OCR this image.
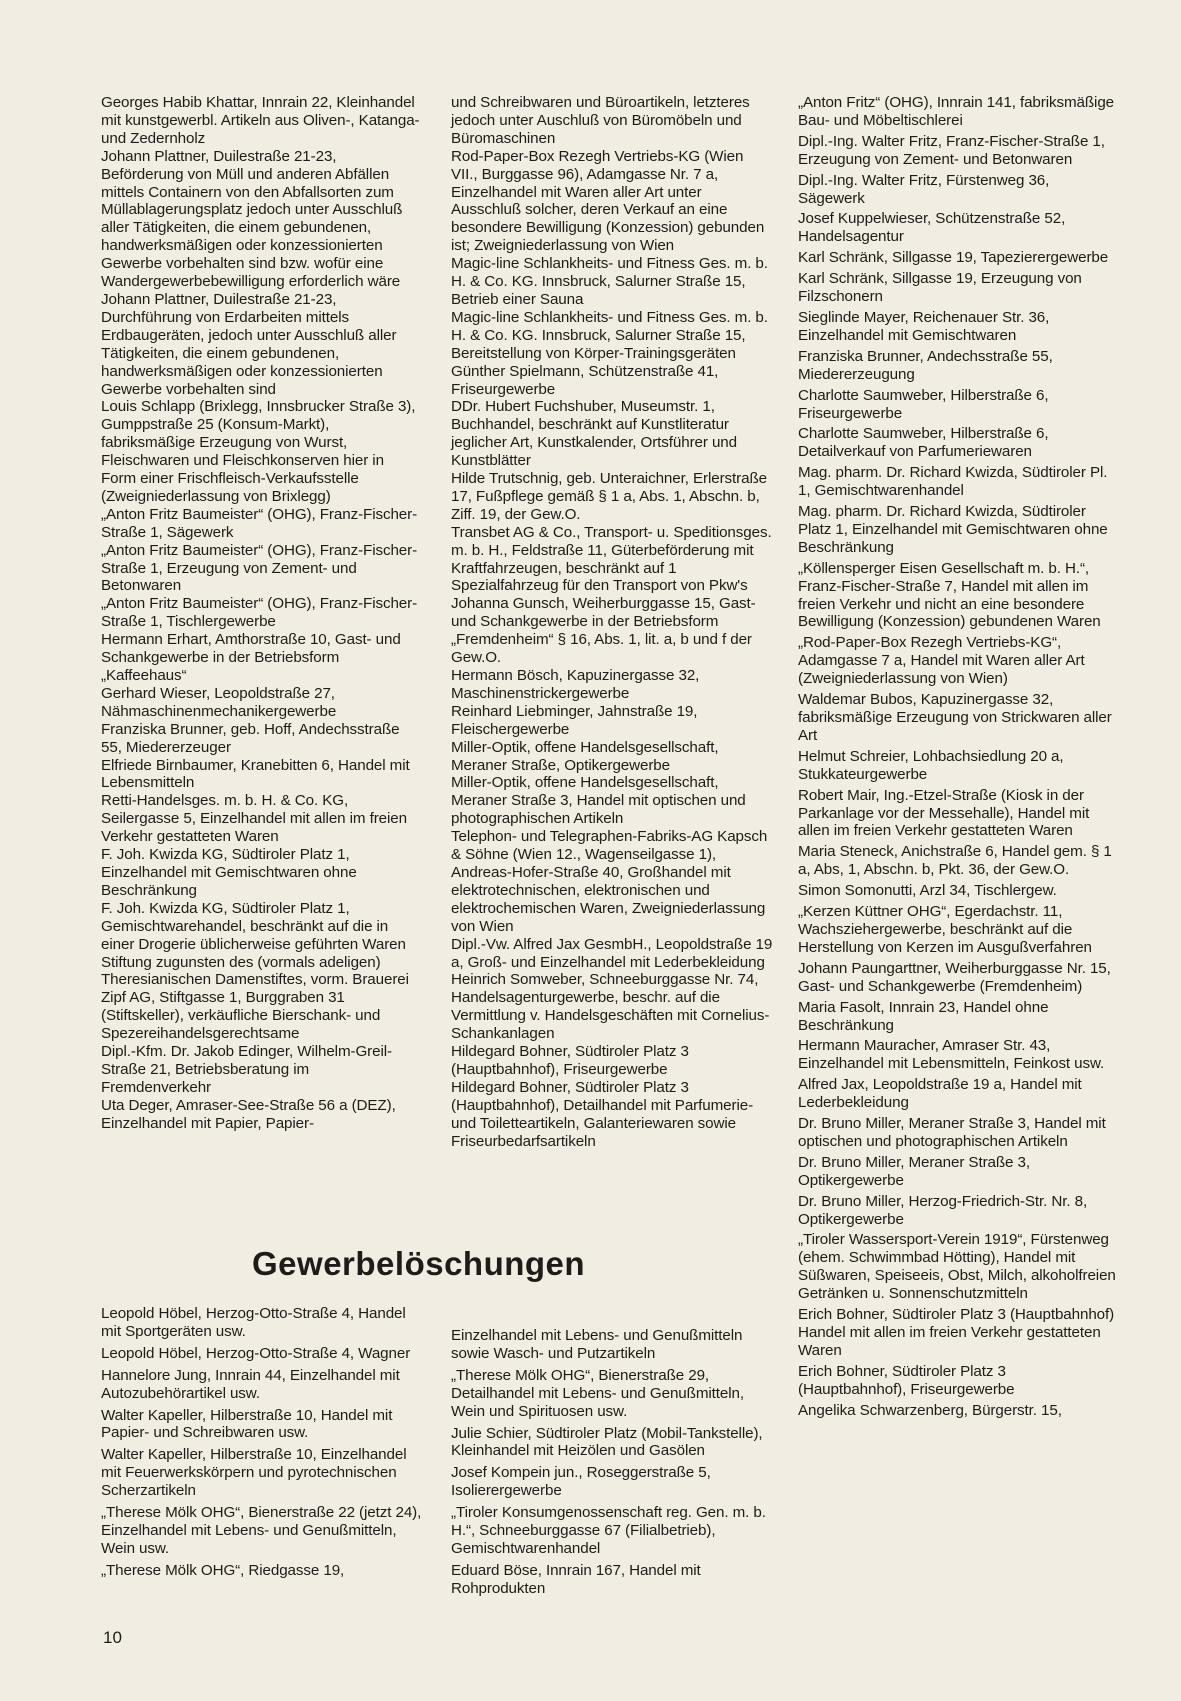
Georges Habib Khattar, Innrain 22, Kleinhandel mit kunstgewerbl. Artikeln aus Oliven-, Katanga- und Zedernholz

Johann Plattner, Duilestraße 21-23, Beförderung von Müll und anderen Abfällen mittels Containern von den Abfallsorten zum Müllablagerungsplatz jedoch unter Ausschluß aller Tätigkeiten, die einem gebundenen, handwerksmäßigen oder konzessionierten Gewerbe vorbehalten sind bzw. wofür eine Wandergewerbebewilligung erforderlich wäre

Johann Plattner, Duilestraße 21-23, Durchführung von Erdarbeiten mittels Erdbaugeräten, jedoch unter Ausschluß aller Tätigkeiten, die einem gebundenen, handwerksmäßigen oder konzessionierten Gewerbe vorbehalten sind

Louis Schlapp (Brixlegg, Innsbrucker Straße 3), Gumppstraße 25 (Konsum-Markt), fabriksmäßige Erzeugung von Wurst, Fleischwaren und Fleischkonserven hier in Form einer Frischfleisch-Verkaufsstelle (Zweigniederlassung von Brixlegg)

„Anton Fritz Baumeister“ (OHG), Franz-Fischer-Straße 1, Sägewerk

„Anton Fritz Baumeister“ (OHG), Franz-Fischer-Straße 1, Erzeugung von Zement- und Betonwaren

„Anton Fritz Baumeister“ (OHG), Franz-Fischer-Straße 1, Tischlergewerbe

Hermann Erhart, Amthorstraße 10, Gast- und Schankgewerbe in der Betriebsform „Kaffeehaus“

Gerhard Wieser, Leopoldstraße 27, Nähmaschinenmechanikergewerbe

Franziska Brunner, geb. Hoff, Andechsstraße 55, Miedererzeuger

Elfriede Birnbaumer, Kranebitten 6, Handel mit Lebensmitteln

Retti-Handelsges. m. b. H. & Co. KG, Seilergasse 5, Einzelhandel mit allen im freien Verkehr gestatteten Waren

F. Joh. Kwizda KG, Südtiroler Platz 1, Einzelhandel mit Gemischtwaren ohne Beschränkung

F. Joh. Kwizda KG, Südtiroler Platz 1, Gemischtwarehandel, beschränkt auf die in einer Drogerie üblicherweise geführten Waren

Stiftung zugunsten des (vormals adeligen) Theresianischen Damenstiftes, vorm. Brauerei Zipf AG, Stiftgasse 1, Burggraben 31 (Stiftskeller), verkäufliche Bierschank- und Spezereihandelsgerechtsame

Dipl.-Kfm. Dr. Jakob Edinger, Wilhelm-Greil-Straße 21, Betriebsberatung im Fremdenverkehr

Uta Deger, Amraser-See-Straße 56 a (DEZ), Einzelhandel mit Papier, Papier-

und Schreibwaren und Büroartikeln, letzteres jedoch unter Auschluß von Büromöbeln und Büromaschinen

Rod-Paper-Box Rezegh Vertriebs-KG (Wien VII., Burggasse 96), Adamgasse Nr. 7 a, Einzelhandel mit Waren aller Art unter Ausschluß solcher, deren Verkauf an eine besondere Bewilligung (Konzession) gebunden ist; Zweigniederlassung von Wien

Magic-line Schlankheits- und Fitness Ges. m. b. H. & Co. KG. Innsbruck, Salurner Straße 15, Betrieb einer Sauna

Magic-line Schlankheits- und Fitness Ges. m. b. H. & Co. KG. Innsbruck, Salurner Straße 15, Bereitstellung von Körper-Trainingsgeräten

Günther Spielmann, Schützenstraße 41, Friseurgewerbe

DDr. Hubert Fuchshuber, Museumstr. 1, Buchhandel, beschränkt auf Kunstliteratur jeglicher Art, Kunstkalender, Ortsführer und Kunstblätter

Hilde Trutschnig, geb. Unteraichner, Erlerstraße 17, Fußpflege gemäß § 1 a, Abs. 1, Abschn. b, Ziff. 19, der Gew.O.

Transbet AG & Co., Transport- u. Speditionsges. m. b. H., Feldstraße 11, Güterbeförderung mit Kraftfahrzeugen, beschränkt auf 1 Spezialfahrzeug für den Transport von Pkw's

Johanna Gunsch, Weiherburggasse 15, Gast- und Schankgewerbe in der Betriebsform „Fremdenheim“ § 16, Abs. 1, lit. a, b und f der Gew.O.

Hermann Bösch, Kapuzinergasse 32, Maschinenstrickergewerbe

Reinhard Liebminger, Jahnstraße 19, Fleischergewerbe

Miller-Optik, offene Handelsgesellschaft, Meraner Straße, Optikergewerbe

Miller-Optik, offene Handelsgesellschaft, Meraner Straße 3, Handel mit optischen und photographischen Artikeln

Telephon- und Telegraphen-Fabriks-AG Kapsch & Söhne (Wien 12., Wagenseilgasse 1), Andreas-Hofer-Straße 40, Großhandel mit elektrotechnischen, elektronischen und elektrochemischen Waren, Zweigniederlassung von Wien

Dipl.-Vw. Alfred Jax GesmbH., Leopoldstraße 19 a, Groß- und Einzelhandel mit Lederbekleidung

Heinrich Somweber, Schneeburggasse Nr. 74, Handelsagenturgewerbe, beschr. auf die Vermittlung v. Handelsgeschäften mit Cornelius-Schankanlagen

Hildegard Bohner, Südtiroler Platz 3 (Hauptbahnhof), Friseurgewerbe

Hildegard Bohner, Südtiroler Platz 3 (Hauptbahnhof), Detailhandel mit Parfumerie- und Toiletteartikeln, Galanteriewaren sowie Friseurbedarfsartikeln

„Anton Fritz“ (OHG), Innrain 141, fabriksmäßige Bau- und Möbeltischlerei

Dipl.-Ing. Walter Fritz, Franz-Fischer-Straße 1, Erzeugung von Zement- und Betonwaren

Dipl.-Ing. Walter Fritz, Fürstenweg 36, Sägewerk

Josef Kuppelwieser, Schützenstraße 52, Handelsagentur

Karl Schränk, Sillgasse 19, Tapezierergewerbe

Karl Schränk, Sillgasse 19, Erzeugung von Filzschonern

Sieglinde Mayer, Reichenauer Str. 36, Einzelhandel mit Gemischtwaren

Franziska Brunner, Andechsstraße 55, Miedererzeugung

Charlotte Saumweber, Hilberstraße 6, Friseurgewerbe

Charlotte Saumweber, Hilberstraße 6, Detailverkauf von Parfumeriewaren

Mag. pharm. Dr. Richard Kwizda, Südtiroler Pl. 1, Gemischtwarenhandel

Mag. pharm. Dr. Richard Kwizda, Südtiroler Platz 1, Einzelhandel mit Gemischtwaren ohne Beschränkung

„Köllensperger Eisen Gesellschaft m. b. H.“, Franz-Fischer-Straße 7, Handel mit allen im freien Verkehr und nicht an eine besondere Bewilligung (Konzession) gebundenen Waren

„Rod-Paper-Box Rezegh Vertriebs-KG“, Adamgasse 7 a, Handel mit Waren aller Art (Zweigniederlassung von Wien)

Waldemar Bubos, Kapuzinergasse 32, fabriksmäßige Erzeugung von Strickwaren aller Art

Helmut Schreier, Lohbachsiedlung 20 a, Stukkateurgewerbe

Robert Mair, Ing.-Etzel-Straße (Kiosk in der Parkanlage vor der Messehalle), Handel mit allen im freien Verkehr gestatteten Waren

Maria Steneck, Anichstraße 6, Handel gem. § 1 a, Abs, 1, Abschn. b, Pkt. 36, der Gew.O.

Simon Somonutti, Arzl 34, Tischlergew.

„Kerzen Küttner OHG“, Egerdachstr. 11, Wachsziehergewerbe, beschränkt auf die Herstellung von Kerzen im Ausgußverfahren

Johann Paungarttner, Weiherburggasse Nr. 15, Gast- und Schankgewerbe (Fremdenheim)

Maria Fasolt, Innrain 23, Handel ohne Beschränkung

Hermann Mauracher, Amraser Str. 43, Einzelhandel mit Lebensmitteln, Feinkost usw.

Alfred Jax, Leopoldstraße 19 a, Handel mit Lederbekleidung

Dr. Bruno Miller, Meraner Straße 3, Handel mit optischen und photographischen Artikeln

Dr. Bruno Miller, Meraner Straße 3, Optikergewerbe

Dr. Bruno Miller, Herzog-Friedrich-Str. Nr. 8, Optikergewerbe

„Tiroler Wassersport-Verein 1919“, Fürstenweg (ehem. Schwimmbad Hötting), Handel mit Süßwaren, Speiseeis, Obst, Milch, alkoholfreien Getränken u. Sonnenschutzmitteln

Erich Bohner, Südtiroler Platz 3 (Hauptbahnhof) Handel mit allen im freien Verkehr gestatteten Waren

Erich Bohner, Südtiroler Platz 3 (Hauptbahnhof), Friseurgewerbe

Angelika Schwarzenberg, Bürgerstr. 15,

Gewerbelöschungen

Leopold Höbel, Herzog-Otto-Straße 4, Handel mit Sportgeräten usw.

Leopold Höbel, Herzog-Otto-Straße 4, Wagner

Hannelore Jung, Innrain 44, Einzelhandel mit Autozubehörartikel usw.

Walter Kapeller, Hilberstraße 10, Handel mit Papier- und Schreibwaren usw.

Walter Kapeller, Hilberstraße 10, Einzelhandel mit Feuerwerkskörpern und pyrotechnischen Scherzartikeln

„Therese Mölk OHG“, Bienerstraße 22 (jetzt 24), Einzelhandel mit Lebens- und Genußmitteln, Wein usw.

„Therese Mölk OHG“, Riedgasse 19,

Einzelhandel mit Lebens- und Genußmitteln sowie Wasch- und Putzartikeln

„Therese Mölk OHG“, Bienerstraße 29, Detailhandel mit Lebens- und Genußmitteln, Wein und Spirituosen usw.

Julie Schier, Südtiroler Platz (Mobil-Tankstelle), Kleinhandel mit Heizölen und Gasölen

Josef Kompein jun., Roseggerstraße 5, Isolierergewerbe

„Tiroler Konsumgenossenschaft reg. Gen. m. b. H.“, Schneeburggasse 67 (Filialbetrieb), Gemischtwarenhandel

Eduard Böse, Innrain 167, Handel mit Rohprodukten

10
